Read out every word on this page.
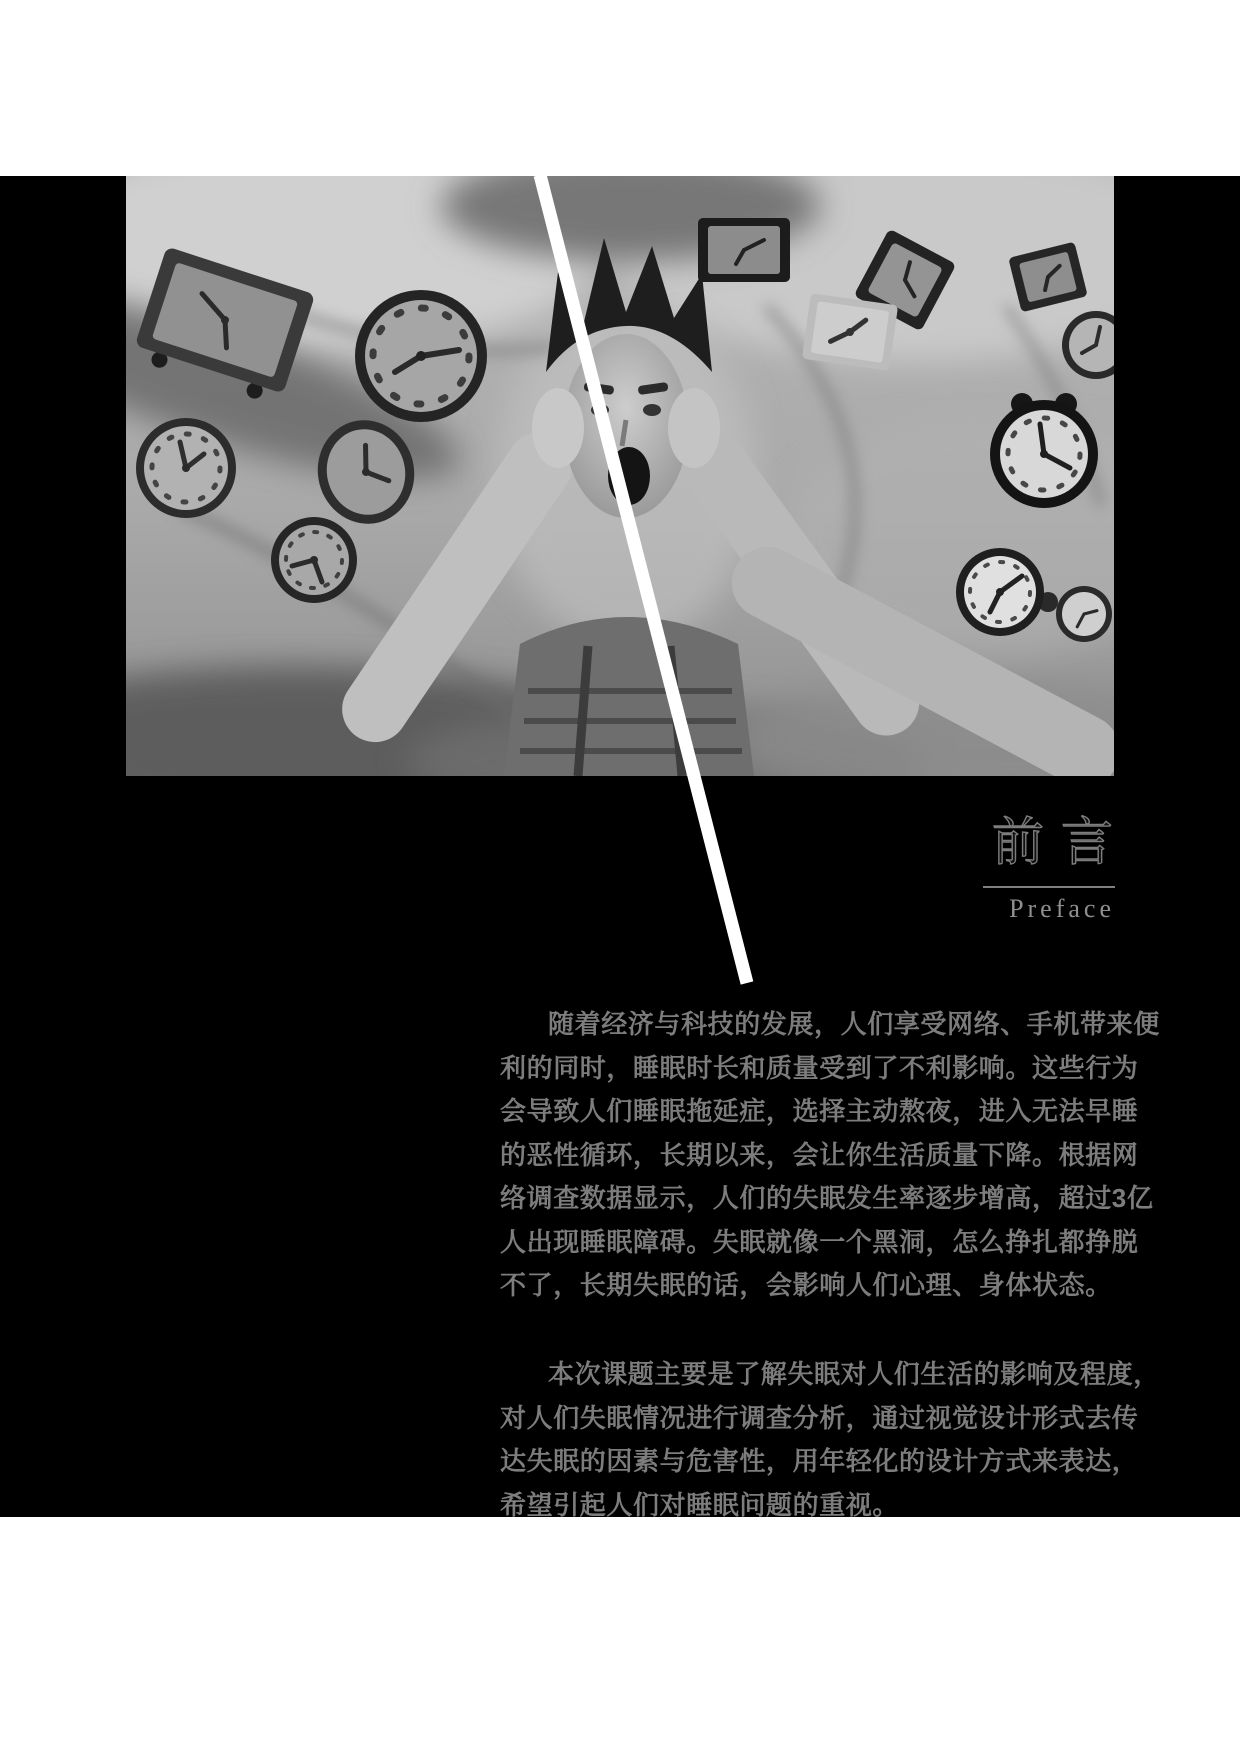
前 言
Preface
随着经济与科技的发展，人们享受网络、手机带来便
利的同时，睡眠时长和质量受到了不利影响。这些行为
会导致人们睡眠拖延症，选择主动熬夜，进入无法早睡
的恶性循环，长期以来，会让你生活质量下降。根据网
络调查数据显示，人们的失眠发生率逐步增高，超过3亿
人出现睡眠障碍。失眠就像一个黑洞，怎么挣扎都挣脱
不了，长期失眠的话，会影响人们心理、身体状态。
本次课题主要是了解失眠对人们生活的影响及程度，
对人们失眠情况进行调查分析，通过视觉设计形式去传
达失眠的因素与危害性，用年轻化的设计方式来表达，
希望引起人们对睡眠问题的重视。
